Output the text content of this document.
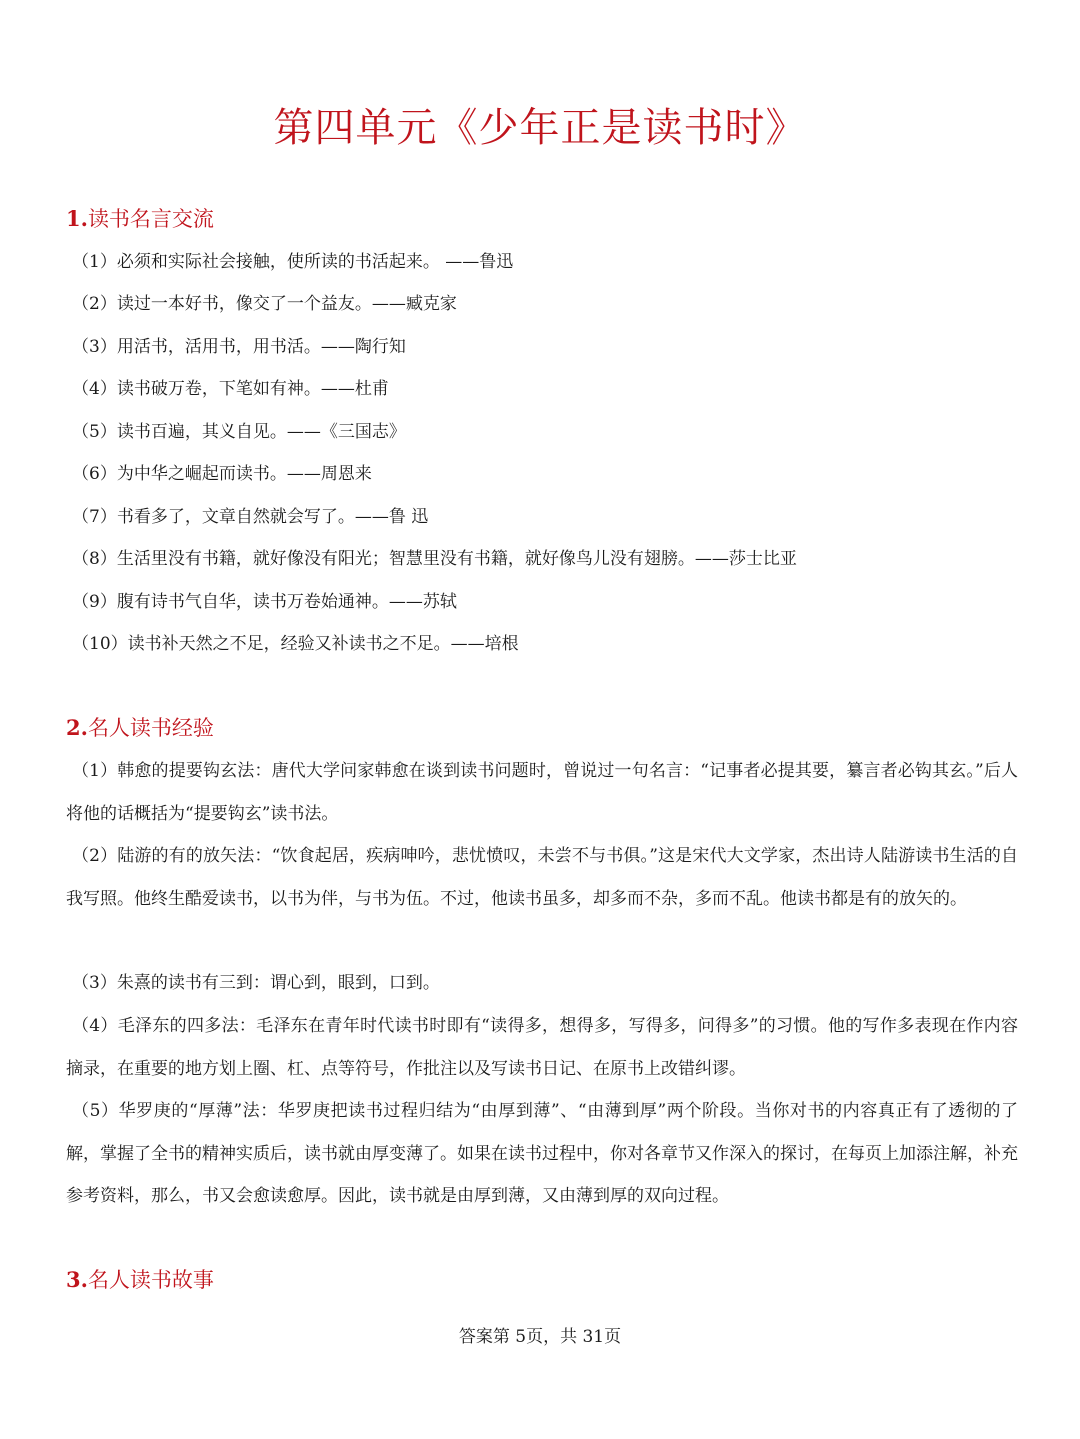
第四单元《少年正是读书时》
1.读书名言交流
（1）必须和实际社会接触，使所读的书活起来。 ——鲁迅
（2）读过一本好书，像交了一个益友。——臧克家
（3）用活书，活用书，用书活。——陶行知
（4）读书破万卷，下笔如有神。——杜甫
（5）读书百遍，其义自见。——《三国志》
（6）为中华之崛起而读书。——周恩来
（7）书看多了，文章自然就会写了。——鲁 迅
（8）生活里没有书籍，就好像没有阳光；智慧里没有书籍，就好像鸟儿没有翅膀。——莎士比亚
（9）腹有诗书气自华，读书万卷始通神。——苏轼
（10）读书补天然之不足，经验又补读书之不足。——培根
2.名人读书经验
（1）韩愈的提要钩玄法：唐代大学问家韩愈在谈到读书问题时，曾说过一句名言：“记事者必提其要，纂言者必钩其玄。”后人将他的话概括为“提要钩玄”读书法。
（2）陆游的有的放矢法：“饮食起居，疾病呻吟，悲忧愤叹，未尝不与书俱。”这是宋代大文学家，杰出诗人陆游读书生活的自我写照。他终生酷爱读书，以书为伴，与书为伍。不过，他读书虽多，却多而不杂，多而不乱。他读书都是有的放矢的。
（3）朱熹的读书有三到：谓心到，眼到，口到。
（4）毛泽东的四多法：毛泽东在青年时代读书时即有“读得多，想得多，写得多，问得多”的习惯。他的写作多表现在作内容摘录，在重要的地方划上圈、杠、点等符号，作批注以及写读书日记、在原书上改错纠谬。
（5）华罗庚的“厚薄”法：华罗庚把读书过程归结为“由厚到薄”、“由薄到厚”两个阶段。当你对书的内容真正有了透彻的了解，掌握了全书的精神实质后，读书就由厚变薄了。如果在读书过程中，你对各章节又作深入的探讨，在每页上加添注解，补充参考资料，那么，书又会愈读愈厚。因此，读书就是由厚到薄，又由薄到厚的双向过程。
3.名人读书故事
答案第 5页，共 31页
